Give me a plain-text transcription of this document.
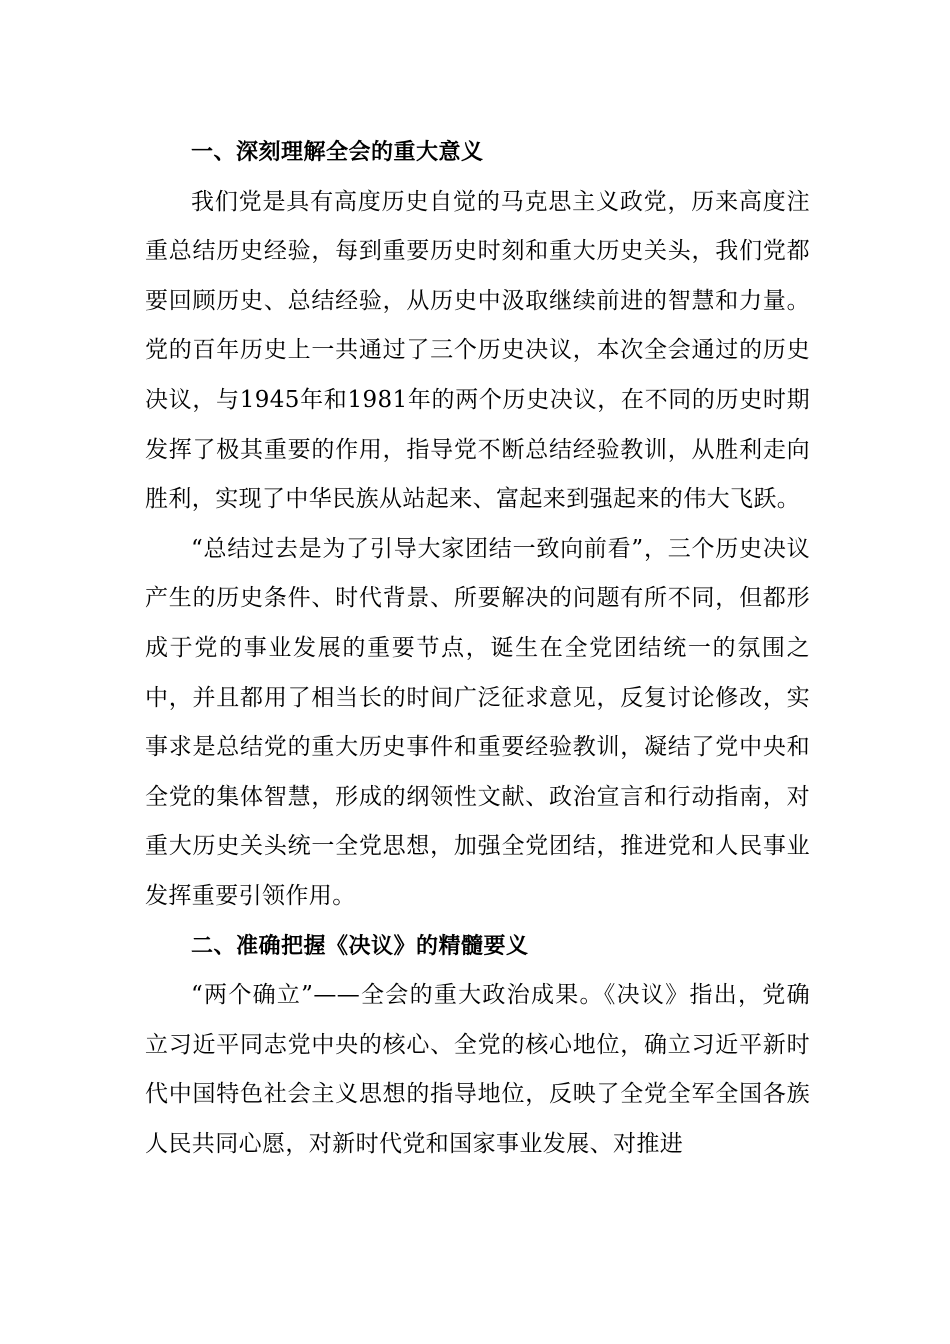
一、深刻理解全会的重大意义

我们党是具有高度历史自觉的马克思主义政党，历来高度注重总结历史经验，每到重要历史时刻和重大历史关头，我们党都要回顾历史、总结经验，从历史中汲取继续前进的智慧和力量。党的百年历史上一共通过了三个历史决议，本次全会通过的历史决议，与1945年和1981年的两个历史决议，在不同的历史时期发挥了极其重要的作用，指导党不断总结经验教训，从胜利走向胜利，实现了中华民族从站起来、富起来到强起来的伟大飞跃。

“总结过去是为了引导大家团结一致向前看”，三个历史决议产生的历史条件、时代背景、所要解决的问题有所不同，但都形成于党的事业发展的重要节点，诞生在全党团结统一的氛围之中，并且都用了相当长的时间广泛征求意见，反复讨论修改，实事求是总结党的重大历史事件和重要经验教训，凝结了党中央和全党的集体智慧，形成的纲领性文献、政治宣言和行动指南，对重大历史关头统一全党思想，加强全党团结，推进党和人民事业发挥重要引领作用。

二、准确把握《决议》的精髓要义

“两个确立”——全会的重大政治成果。《决议》指出，党确立习近平同志党中央的核心、全党的核心地位，确立习近平新时代中国特色社会主义思想的指导地位，反映了全党全军全国各族人民共同心愿，对新时代党和国家事业发展、对推进
